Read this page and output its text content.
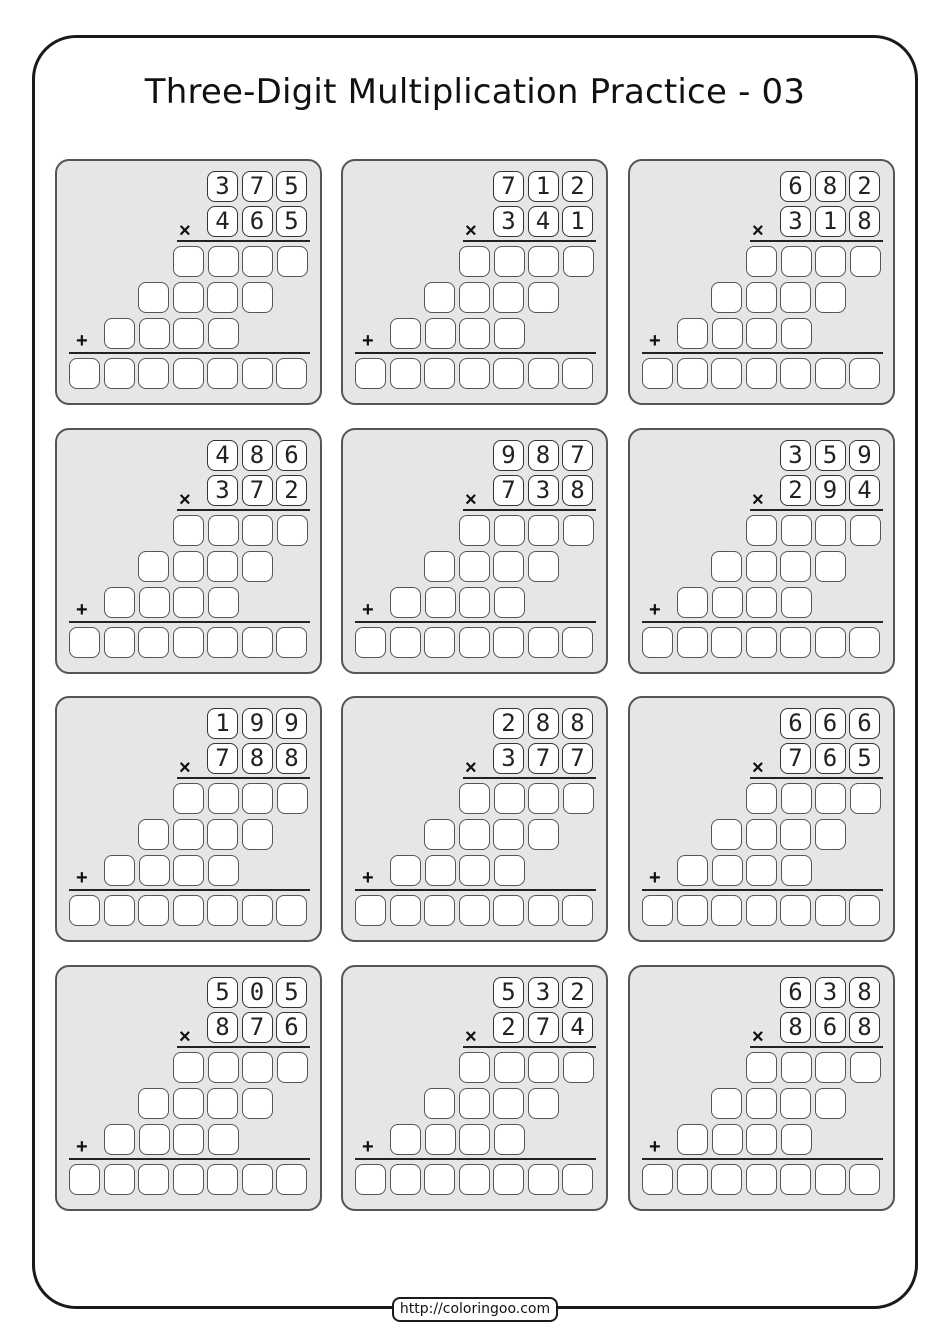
Three-Digit Multiplication Practice - 03
3 7 5
×	4 6 5
+
7 1 2
×	3 4 1
+
6 8 2
×	3 1 8
+
4 8 6
×	3 7 2
+
9 8 7
×	7 3 8
+
3 5 9
×	2 9 4
+
1 9 9
×	7 8 8
+
2 8 8
×	3 7 7
+
6 6 6
×	7 6 5
+
5 0 5
×	8 7 6
+
5 3 2
×	2 7 4
+
6 3 8
×	8 6 8
+
http://coloringoo.com
